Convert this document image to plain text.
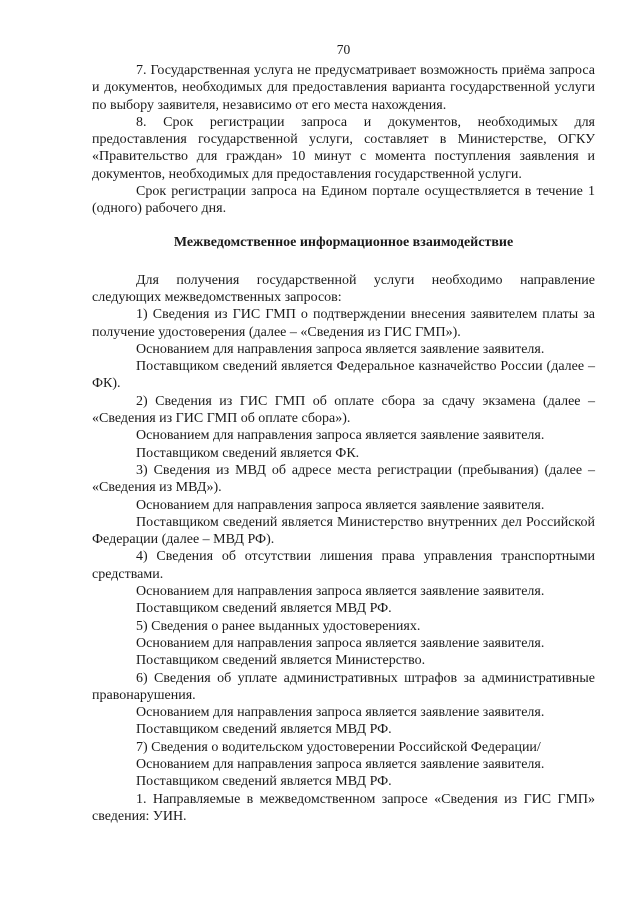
70

7. Государственная услуга не предусматривает возможность приёма запроса и документов, необходимых для предоставления варианта государственной услуги по выбору заявителя, независимо от его места нахождения.

8. Срок регистрации запроса и документов, необходимых для предоставления государственной услуги, составляет в Министерстве, ОГКУ «Правительство для граждан» 10 минут с момента поступления заявления и документов, необходимых для предоставления государственной услуги.

Срок регистрации запроса на Едином портале осуществляется в течение 1 (одного) рабочего дня.

Межведомственное информационное взаимодействие

Для получения государственной услуги необходимо направление следующих межведомственных запросов:

1) Сведения из ГИС ГМП о подтверждении внесения заявителем платы за получение удостоверения (далее – «Сведения из ГИС ГМП»).

Основанием для направления запроса является заявление заявителя.

Поставщиком сведений является Федеральное казначейство России (далее – ФК).

2) Сведения из ГИС ГМП об оплате сбора за сдачу экзамена (далее – «Сведения из ГИС ГМП об оплате сбора»).

Основанием для направления запроса является заявление заявителя.

Поставщиком сведений является ФК.

3) Сведения из МВД об адресе места регистрации (пребывания) (далее – «Сведения из МВД»).

Основанием для направления запроса является заявление заявителя.

Поставщиком сведений является Министерство внутренних дел Российской Федерации (далее – МВД РФ).

4) Сведения об отсутствии лишения права управления транспортными средствами.

Основанием для направления запроса является заявление заявителя.

Поставщиком сведений является МВД РФ.

5) Сведения о ранее выданных удостоверениях.

Основанием для направления запроса является заявление заявителя.

Поставщиком сведений является Министерство.

6) Сведения об уплате административных штрафов за административные правонарушения.

Основанием для направления запроса является заявление заявителя.

Поставщиком сведений является МВД РФ.

7) Сведения о водительском удостоверении Российской Федерации/

Основанием для направления запроса является заявление заявителя.

Поставщиком сведений является МВД РФ.

1. Направляемые в межведомственном запросе «Сведения из ГИС ГМП» сведения: УИН.
